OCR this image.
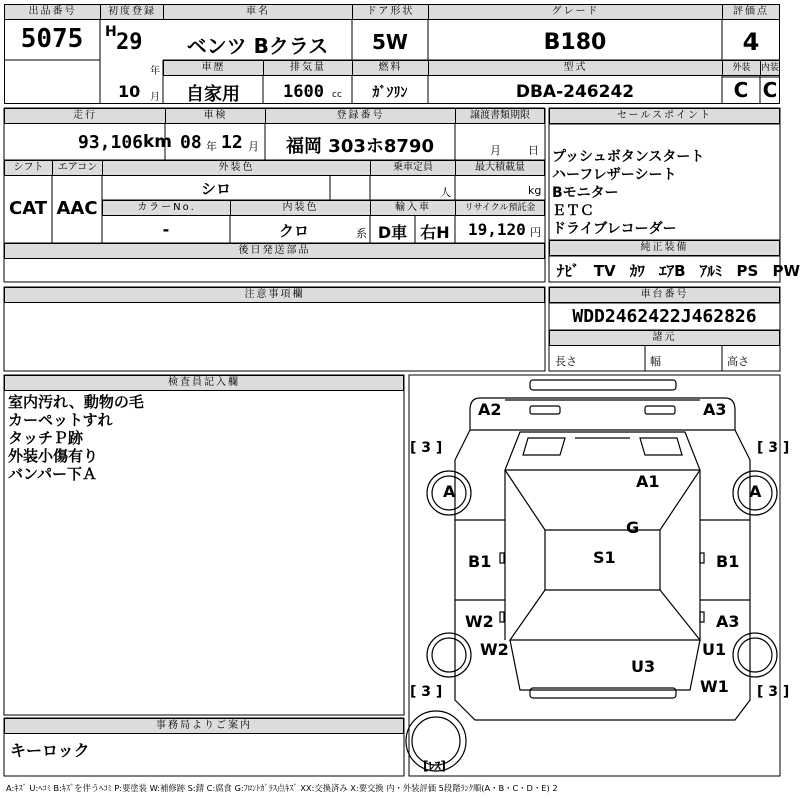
出品番号
5075
初度登録
H 29
年
10 月
車名
ベンツ Bクラス
ドア形状
5W
グレード
B180
評価点
4
車歴
自家用
排気量
1600 cc
燃料
ｶﾞｿﾘﾝ
型式
DBA-246242
外装	内装
C C
走行
93,106 km
車検
08 年 12 月
登録番号
福岡 303ホ8790
譲渡書類期限
月 日
シフト
CAT
エアコン
AAC
外装色
シロ
乗車定員
人
最大積載量
kg
カラーNo.
-
内装色
クロ	系
輸入車
D車 右H
リサイクル預託金
19,120 円
後日発送部品
セールスポイント
プッシュボタンスタート
ハーフレザーシート
Bモニター
ＥＴＣ
ドライブレコーダー
純正装備
ﾅﾋﾞ TV ｶﾜ ｴｱB ｱﾙﾐ PS PW
注意事項欄	車台番号
WDD2462422J462826
諸元
長さ	幅	高さ
検査員記入欄
室内汚れ、動物の毛
カーペットすれ
タッチＰ跡
外装小傷有り
バンパー下Ａ
事務局よりご案内
キーロック
A2	A3
A1
G
S1
B1	B1
W2	A3
W2	U1
U3
W1
A	A
[ 3 ]	[ 3 ]
[ 3 ]	[ 3 ]
[ﾚｽ]
A:ｷｽﾞ U:ﾍｺﾐ B:ｷｽﾞを伴うﾍｺﾐ P:要塗装 W:補修跡 S:錆 C:腐食 G:ﾌﾛﾝﾄｶﾞﾗｽ点ｷｽﾞ XX:交換済み X:要交換 内・外装評価 5段階ﾗﾝｸ順(A・B・C・D・E) 2
